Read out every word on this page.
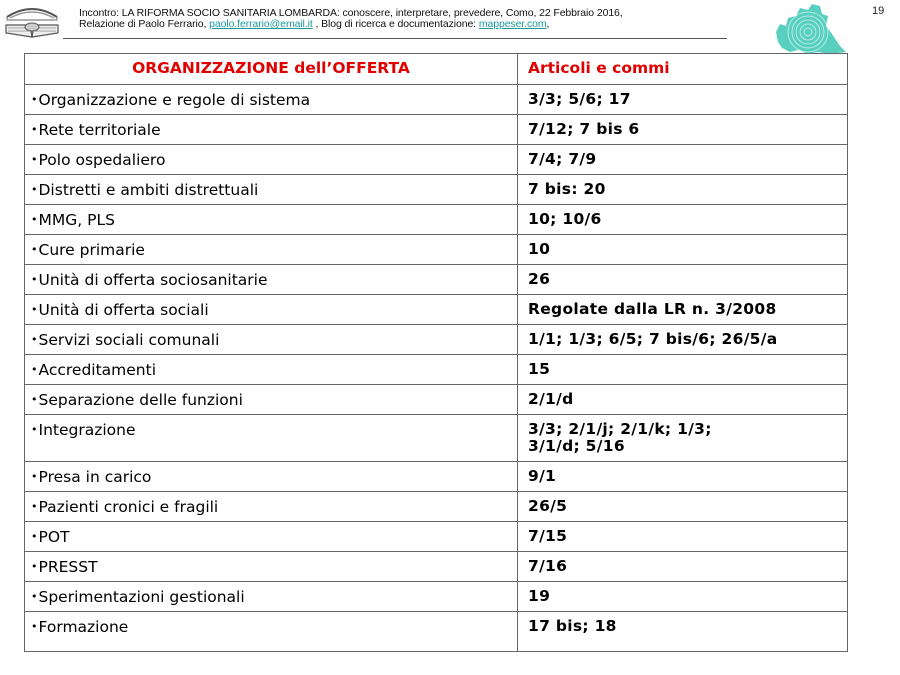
Incontro: LA RIFORMA SOCIO SANITARIA LOMBARDA: conoscere, interpretare, prevedere, Como, 22 Febbraio 2016,
Relazione di Paolo Ferrario, paolo.ferrario@email.it , Blog di ricerca e documentazione: mappeser.com,
19
ORGANIZZAZIONE dell’OFFERTA	Articoli e commi
•Organizzazione e regole di sistema	3/3; 5/6; 17
•Rete territoriale	7/12; 7 bis 6
•Polo ospedaliero	7/4; 7/9
•Distretti e ambiti distrettuali	7 bis: 20
•MMG, PLS	10; 10/6
•Cure primarie	10
•Unità di offerta sociosanitarie	26
•Unità di offerta sociali	Regolate dalla LR n. 3/2008
•Servizi sociali comunali	1/1; 1/3; 6/5; 7 bis/6; 26/5/a
•Accreditamenti	15
•Separazione delle funzioni	2/1/d
•Integrazione	3/3; 2/1/j; 2/1/k; 1/3;
3/1/d; 5/16

•Presa in carico	9/1
•Pazienti cronici e fragili	26/5
•POT	7/15
•PRESST	7/16
•Sperimentazioni gestionali	19
•Formazione	17 bis; 18
